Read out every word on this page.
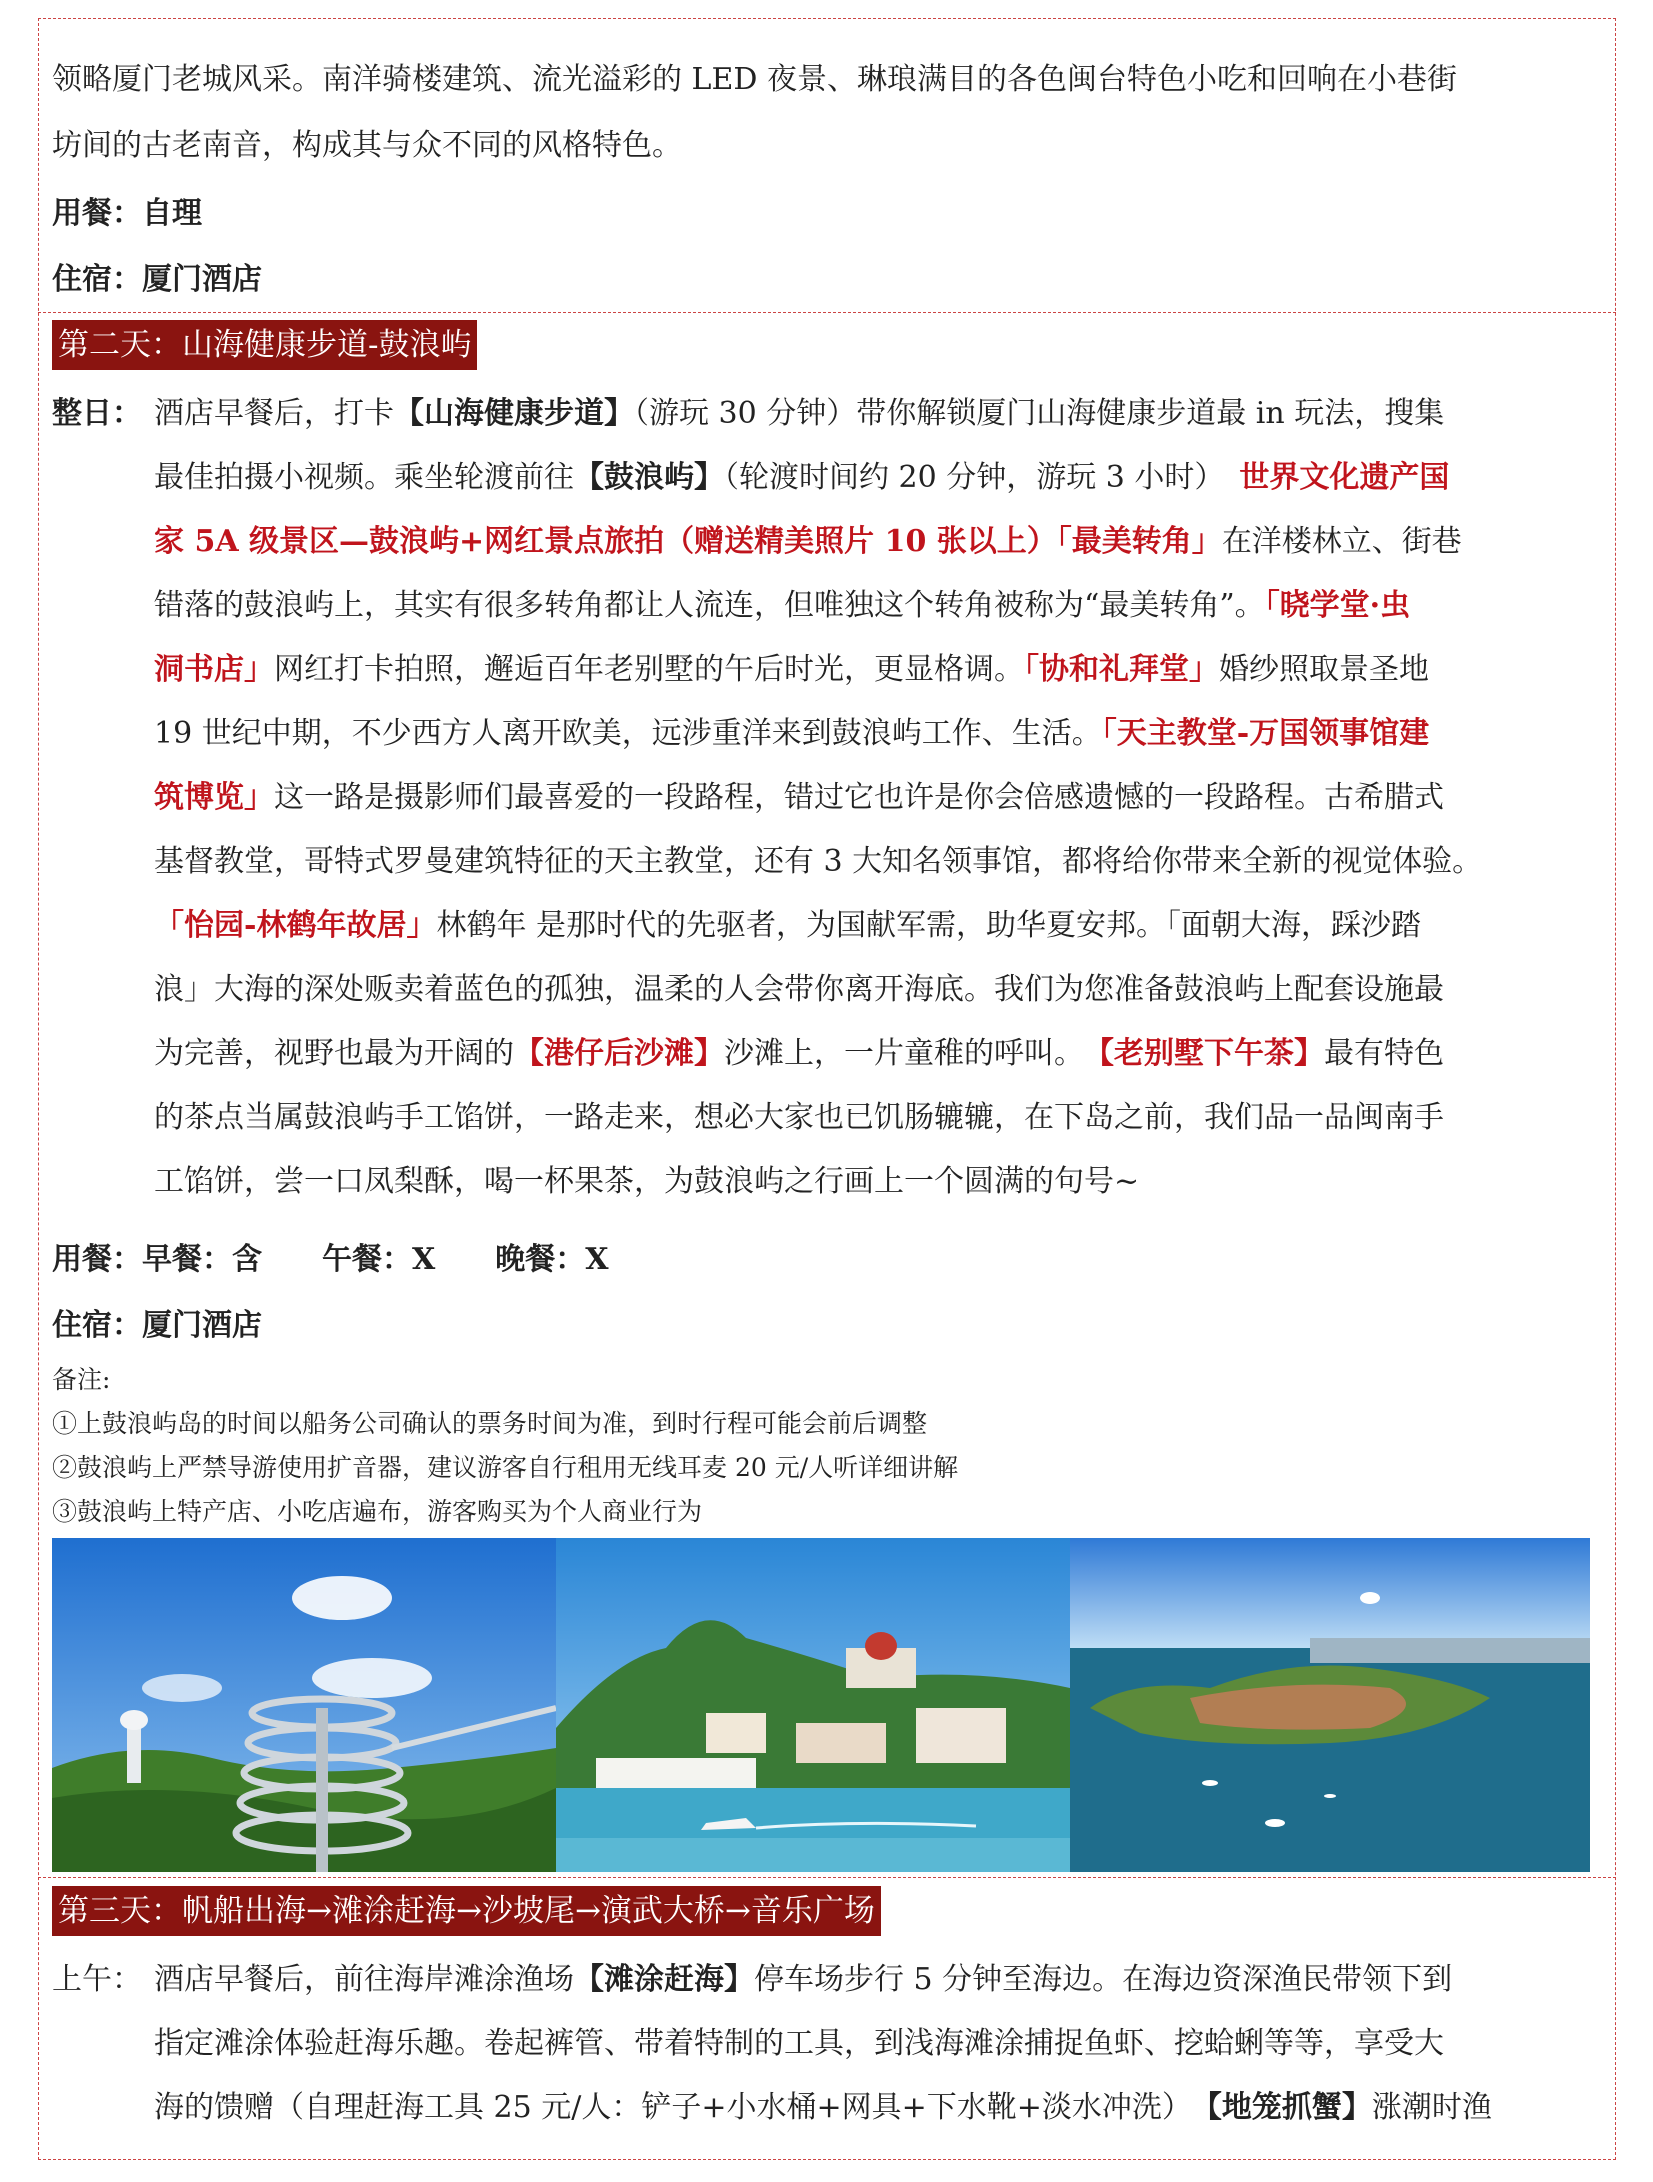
领略厦门老城风采。南洋骑楼建筑、流光溢彩的 LED 夜景、琳琅满目的各色闽台特色小吃和回响在小巷街
坊间的古老南音，构成其与众不同的风格特色。
用餐：自理
住宿：厦门酒店
第二天：山海健康步道-鼓浪屿
整日： 酒店早餐后，打卡【山海健康步道】（游玩 30 分钟）带你解锁厦门山海健康步道最 in 玩法，搜集
最佳拍摄小视频。乘坐轮渡前往【鼓浪屿】（轮渡时间约 20 分钟，游玩 3 小时）　 世界文化遗产国
家 5A 级景区—鼓浪屿+网红景点旅拍（赠送精美照片 10 张以上）「最美转角」在洋楼林立、街巷
错落的鼓浪屿上，其实有很多转角都让人流连，但唯独这个转角被称为“最美转角”。「晓学堂·虫
洞书店」网红打卡拍照，邂逅百年老别墅的午后时光，更显格调。「协和礼拜堂」婚纱照取景圣地
19 世纪中期，不少西方人离开欧美，远涉重洋来到鼓浪屿工作、生活。「天主教堂-万国领事馆建
筑博览」这一路是摄影师们最喜爱的一段路程，错过它也许是你会倍感遗憾的一段路程。古希腊式
基督教堂，哥特式罗曼建筑特征的天主教堂，还有 3 大知名领事馆，都将给你带来全新的视觉体验。
「怡园-林鹤年故居」林鹤年 是那时代的先驱者，为国献军需，助华夏安邦。「面朝大海，踩沙踏
浪」大海的深处贩卖着蓝色的孤独，温柔的人会带你离开海底。我们为您准备鼓浪屿上配套设施最
为完善，视野也最为开阔的【港仔后沙滩】沙滩上，一片童稚的呼叫。　 【老别墅下午茶】最有特色
的茶点当属鼓浪屿手工馅饼，一路走来，想必大家也已饥肠辘辘，在下岛之前，我们品一品闽南手
工馅饼，尝一口凤梨酥，喝一杯果茶，为鼓浪屿之行画上一个圆满的句号~
用餐：早餐：含　　午餐：X　　晚餐：X
住宿：厦门酒店
备注:
①上鼓浪屿岛的时间以船务公司确认的票务时间为准，到时行程可能会前后调整
②鼓浪屿上严禁导游使用扩音器，建议游客自行租用无线耳麦 20 元/人听详细讲解
③鼓浪屿上特产店、小吃店遍布，游客购买为个人商业行为
第三天：帆船出海→滩涂赶海→沙坡尾→演武大桥→音乐广场
上午： 酒店早餐后，前往海岸滩涂渔场【滩涂赶海】停车场步行 5 分钟至海边。在海边资深渔民带领下到
指定滩涂体验赶海乐趣。卷起裤管、带着特制的工具，到浅海滩涂捕捉鱼虾、挖蛤蜊等等，享受大
海的馈赠（自理赶海工具 25 元/人：铲子+小水桶+网具+下水靴+淡水冲洗）　 【地笼抓蟹】涨潮时渔
